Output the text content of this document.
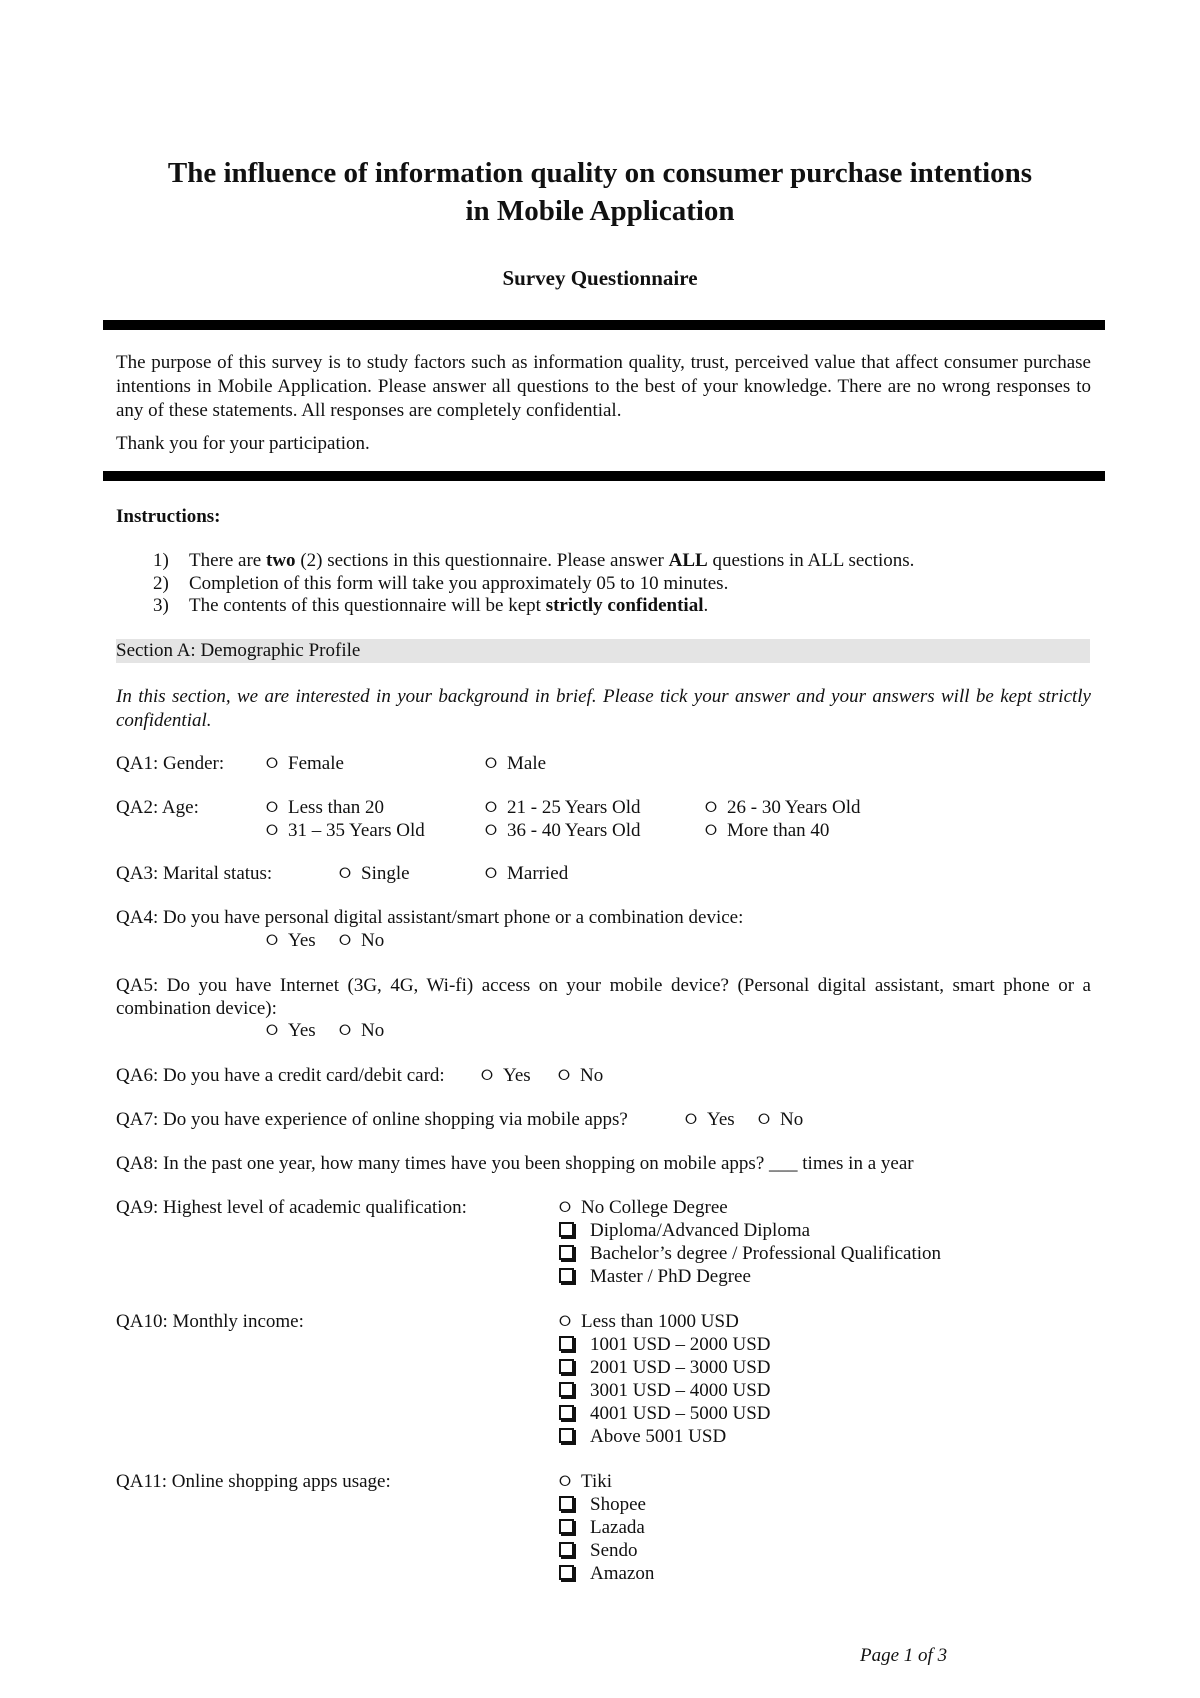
The influence of information quality on consumer purchase intentions
in Mobile Application
Survey Questionnaire
The purpose of this survey is to study factors such as information quality, trust, perceived value that affect consumer purchase intentions in Mobile Application. Please answer all questions to the best of your knowledge. There are no wrong responses to any of these statements. All responses are completely confidential.
Thank you for your participation.
Instructions:
1) There are two (2) sections in this questionnaire. Please answer ALL questions in ALL sections.
2) Completion of this form will take you approximately 05 to 10 minutes.
3) The contents of this questionnaire will be kept strictly confidential.
Section A: Demographic Profile
In this section, we are interested in your background in brief. Please tick your answer and your answers will be kept strictly confidential.
QA1: Gender:	⭘ Female	⭘ Male
QA2: Age:	⭘ Less than 20	⭘ 21 - 25 Years Old	⭘ 26 - 30 Years Old
⭘ 31 – 35 Years Old	⭘ 36 - 40 Years Old	⭘ More than 40
QA3: Marital status:	⭘ Single	⭘ Married
QA4: Do you have personal digital assistant/smart phone or a combination device:
⭘ Yes ⭘ No
QA5: Do you have Internet (3G, 4G, Wi-fi) access on your mobile device? (Personal digital assistant, smart phone or a
combination device):
⭘ Yes ⭘ No
QA6: Do you have a credit card/debit card: ⭘ Yes ⭘ No
QA7: Do you have experience of online shopping via mobile apps?	⭘ Yes ⭘ No
QA8: In the past one year, how many times have you been shopping on mobile apps? ___ times in a year
QA9: Highest level of academic qualification:	⭘ No College Degree
Diploma/Advanced Diploma
Bachelor’s degree / Professional Qualification
Master / PhD Degree
QA10: Monthly income:	⭘ Less than 1000 USD
1001 USD – 2000 USD
2001 USD – 3000 USD
3001 USD – 4000 USD
4001 USD – 5000 USD
Above 5001 USD
QA11: Online shopping apps usage:	⭘ Tiki
Shopee
Lazada
Sendo
Amazon
Page 1 of 3
